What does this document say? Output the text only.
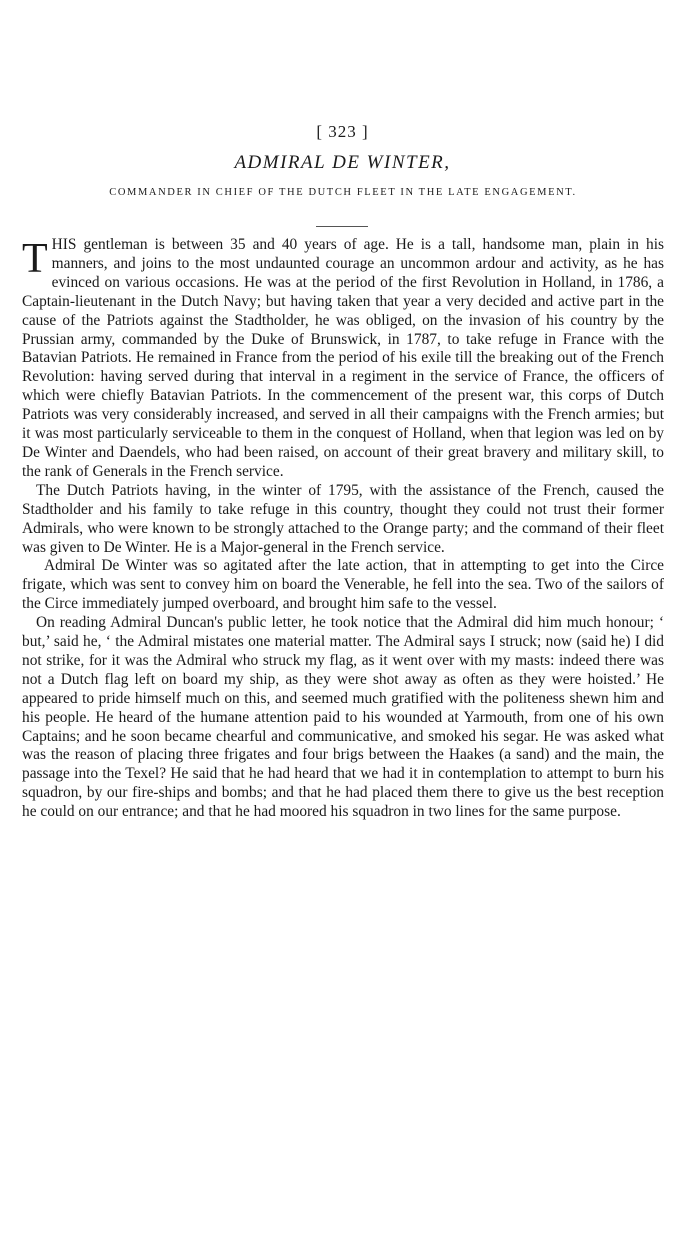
[ 323 ]
ADMIRAL DE WINTER,
COMMANDER IN CHIEF OF THE DUTCH FLEET IN THE LATE ENGAGEMENT.

THIS gentleman is between 35 and 40 years of age. He is a tall, handsome man, plain in his manners, and joins to the most undaunted courage an uncommon ardour and activity, as he has evinced on various occasions. He was at the period of the first Revolution in Holland, in 1786, a Captain-lieutenant in the Dutch Navy; but having taken that year a very decided and active part in the cause of the Patriots against the Stadtholder, he was obliged, on the invasion of his country by the Prussian army, commanded by the Duke of Brunswick, in 1787, to take refuge in France with the Batavian Patriots. He remained in France from the period of his exile till the breaking out of the French Revolution: having served during that interval in a regiment in the service of France, the officers of which were chiefly Batavian Patriots. In the commencement of the present war, this corps of Dutch Patriots was very considerably increased, and served in all their campaigns with the French armies; but it was most particularly serviceable to them in the conquest of Holland, when that legion was led on by De Winter and Daendels, who had been raised, on account of their great bravery and military skill, to the rank of Generals in the French service.

The Dutch Patriots having, in the winter of 1795, with the assistance of the French, caused the Stadtholder and his family to take refuge in this country, thought they could not trust their former Admirals, who were known to be strongly attached to the Orange party; and the command of their fleet was given to De Winter. He is a Major-general in the French service.

Admiral De Winter was so agitated after the late action, that in attempting to get into the Circe frigate, which was sent to convey him on board the Venerable, he fell into the sea. Two of the sailors of the Circe immediately jumped overboard, and brought him safe to the vessel.

On reading Admiral Duncan's public letter, he took notice that the Admiral did him much honour; ‘ but,’ said he, ‘ the Admiral mistates one material matter. The Admiral says I struck; now (said he) I did not strike, for it was the Admiral who struck my flag, as it went over with my masts: indeed there was not a Dutch flag left on board my ship, as they were shot away as often as they were hoisted.’ He appeared to pride himself much on this, and seemed much gratified with the politeness shewn him and his people. He heard of the humane attention paid to his wounded at Yarmouth, from one of his own Captains; and he soon became chearful and communicative, and smoked his segar. He was asked what was the reason of placing three frigates and four brigs between the Haakes (a sand) and the main, the passage into the Texel? He said that he had heard that we had it in contemplation to attempt to burn his squadron, by our fire-ships and bombs; and that he had placed them there to give us the best reception he could on our entrance; and that he had moored his squadron in two lines for the same purpose.
